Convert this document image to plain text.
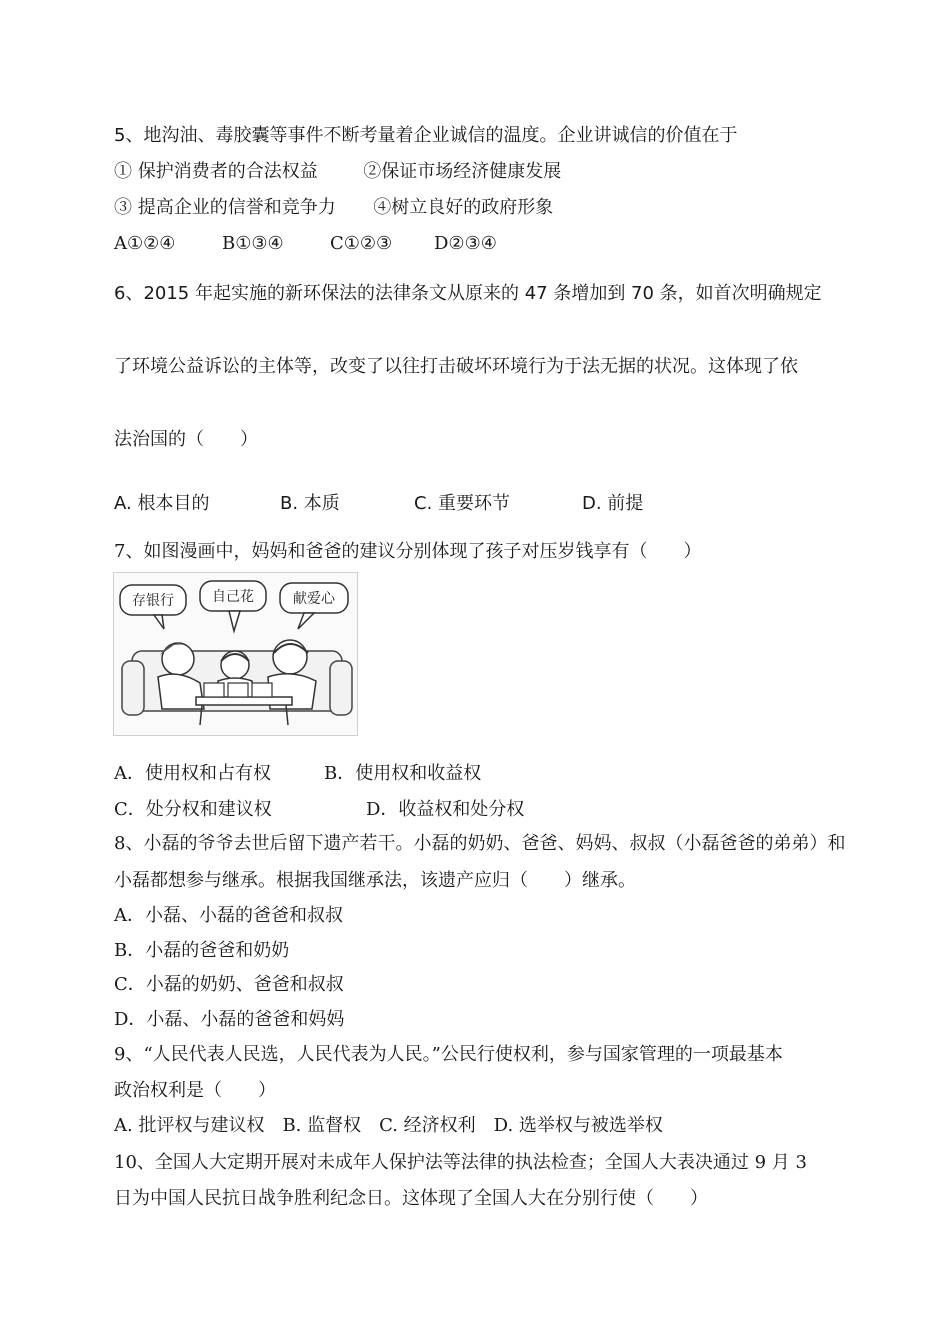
5、地沟油、毒胶囊等事件不断考量着企业诚信的温度。企业讲诚信的价值在于
① 保护消费者的合法权益	②保证市场经济健康发展
③ 提高企业的信誉和竞争力 ④树立良好的政府形象
A①②④	B①③④	C①②③ D②③④
6、2015 年起实施的新环保法的法律条文从原来的 47 条增加到 70 条，如首次明确规定
了环境公益诉讼的主体等，改变了以往打击破坏环境行为于法无据的状况。这体现了依
法治国的（　　）
A. 根本目的	B. 本质	C. 重要环节	D. 前提
7、如图漫画中，妈妈和爸爸的建议分别体现了孩子对压岁钱享有（　　）
存银行	自己花	献爱心
A．使用权和占有权	B．使用权和收益权
C．处分权和建议权	D．收益权和处分权
8、小磊的爷爷去世后留下遗产若干。小磊的奶奶、爸爸、妈妈、叔叔（小磊爸爸的弟弟）和
小磊都想参与继承。根据我国继承法，该遗产应归（　　）继承。
A．小磊、小磊的爸爸和叔叔
B．小磊的爸爸和奶奶
C．小磊的奶奶、爸爸和叔叔
D．小磊、小磊的爸爸和妈妈
9、“人民代表人民选，人民代表为人民。”公民行使权利，参与国家管理的一项最基本
政治权利是（　　）
A. 批评权与建议权　B. 监督权　C. 经济权利　D. 选举权与被选举权
10、全国人大定期开展对未成年人保护法等法律的执法检查；全国人大表决通过 9 月 3
日为中国人民抗日战争胜利纪念日。这体现了全国人大在分别行使（　　）
